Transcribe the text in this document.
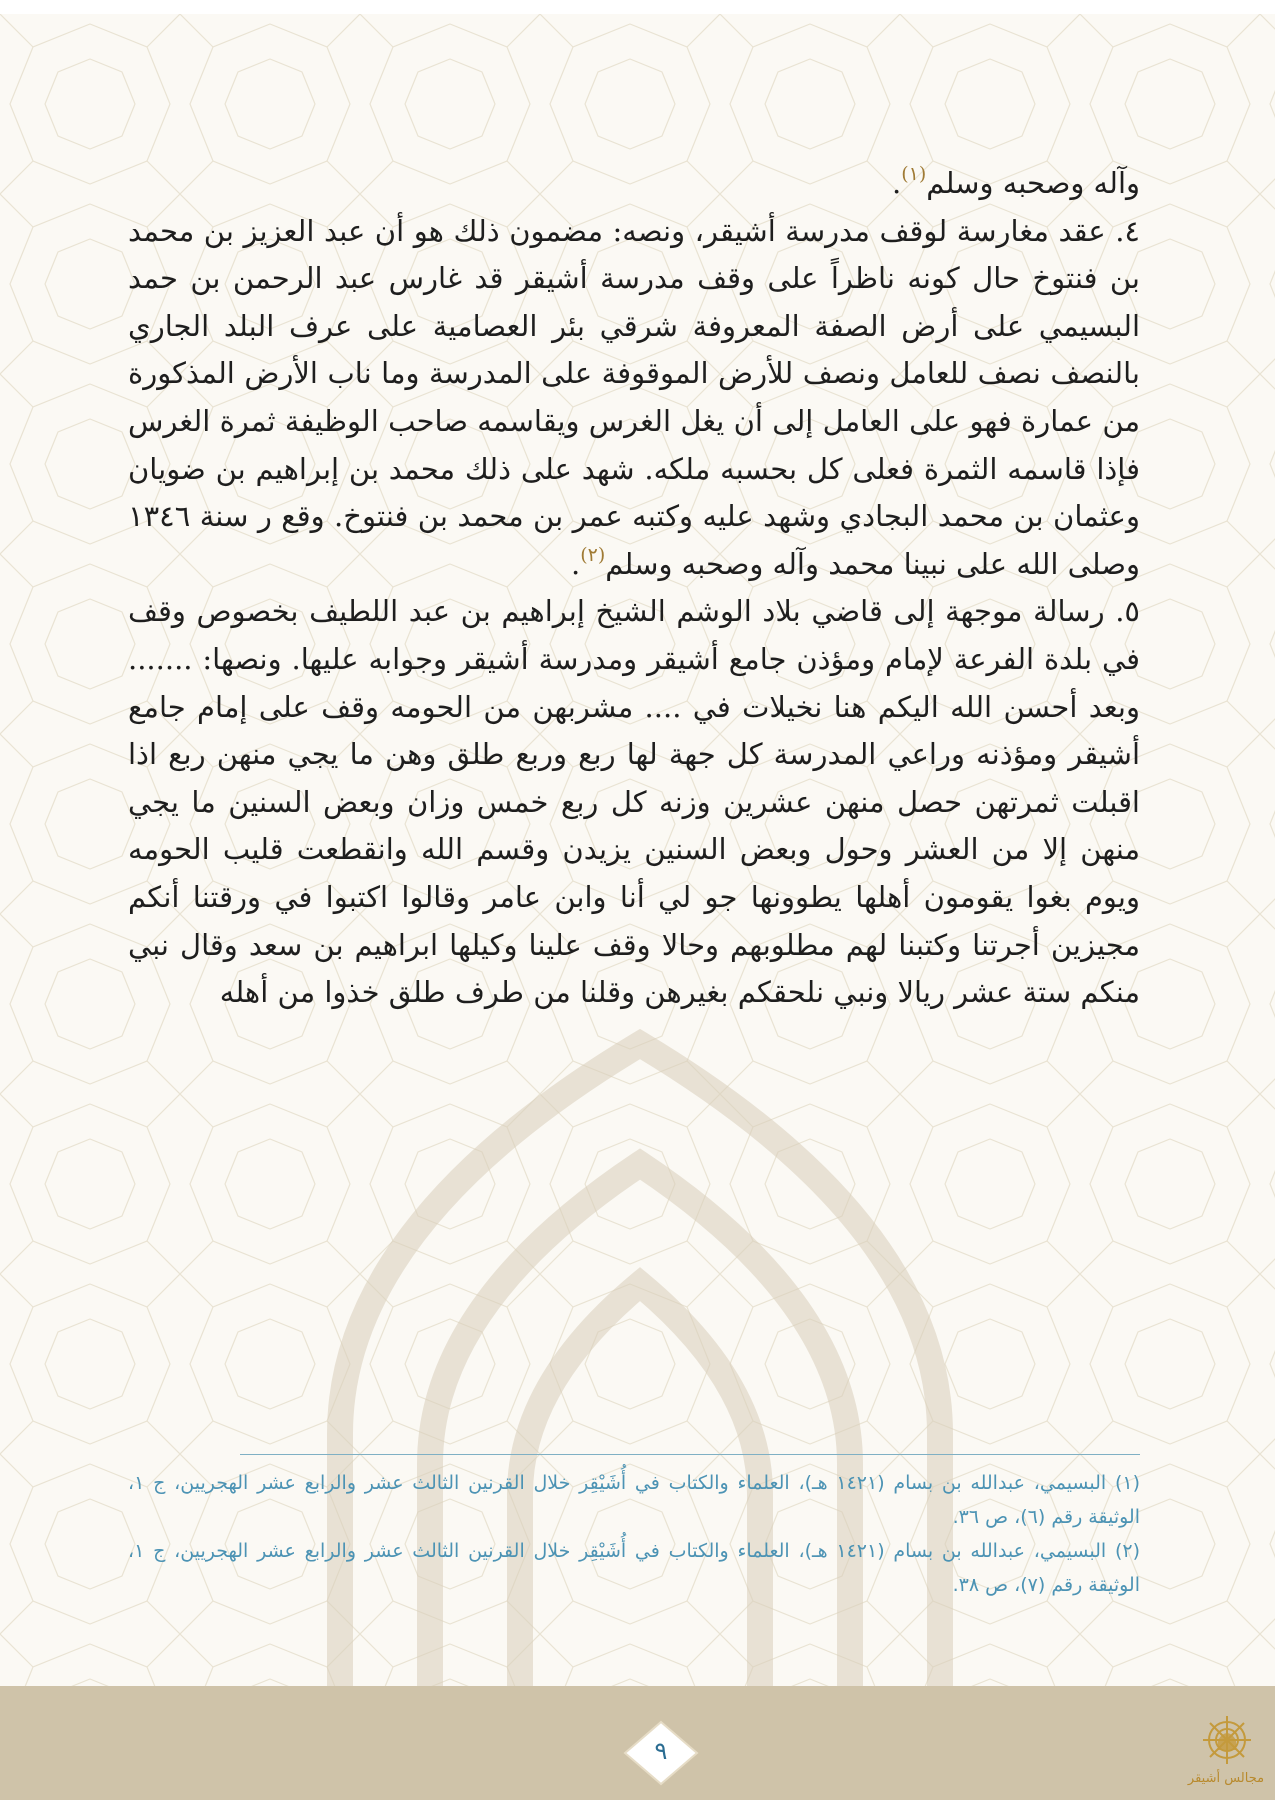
وآله وصحبه وسلم$^{(١)}$.

٤. عقد مغارسة لوقف مدرسة أشيقر، ونصه: مضمون ذلك هو أن عبد العزيز بن محمد بن فنتوخ حال كونه ناظراً على وقف مدرسة أشيقر قد غارس عبد الرحمن بن حمد البسيمي على أرض الصفة المعروفة شرقي بئر العصامية على عرف البلد الجاري بالنصف نصف للعامل ونصف للأرض الموقوفة على المدرسة وما ناب الأرض المذكورة من عمارة فهو على العامل إلى أن يغل الغرس ويقاسمه صاحب الوظيفة ثمرة الغرس فإذا قاسمه الثمرة فعلى كل بحسبه ملكه. شهد على ذلك محمد بن إبراهيم بن ضويان وعثمان بن محمد البجادي وشهد عليه وكتبه عمر بن محمد بن فنتوخ. وقع ر سنة ١٣٤٦ وصلى الله على نبينا محمد وآله وصحبه وسلم$^{(٢)}$.

٥. رسالة موجهة إلى قاضي بلاد الوشم الشيخ إبراهيم بن عبد اللطيف بخصوص وقف في بلدة الفرعة لإمام ومؤذن جامع أشيقر ومدرسة أشيقر وجوابه عليها. ونصها: ....... وبعد أحسن الله اليكم هنا نخيلات في .... مشربهن من الحومه وقف على إمام جامع أشيقر ومؤذنه وراعي المدرسة كل جهة لها ربع وربع طلق وهن ما يجي منهن ربع اذا اقبلت ثمرتهن حصل منهن عشرين وزنه كل ربع خمس وزان وبعض السنين ما يجي منهن إلا من العشر وحول وبعض السنين يزيدن وقسم الله وانقطعت قليب الحومه ويوم بغوا يقومون أهلها يطوونها جو لي أنا وابن عامر وقالوا اكتبوا في ورقتنا أنكم مجيزين أجرتنا وكتبنا لهم مطلوبهم وحالا وقف علينا وكيلها ابراهيم بن سعد وقال نبي منكم ستة عشر ريالا ونبي نلحقكم بغيرهن وقلنا من طرف طلق خذوا من أهله

(١) البسيمي، عبدالله بن بسام (١٤٢١ هـ)، العلماء والكتاب في أُشَيْقِر خلال القرنين الثالث عشر والرابع عشر الهجريين، ج ١، الوثيقة رقم (٦)، ص ٣٦.

(٢) البسيمي، عبدالله بن بسام (١٤٢١ هـ)، العلماء والكتاب في أُشَيْقِر خلال القرنين الثالث عشر والرابع عشر الهجريين، ج ١، الوثيقة رقم (٧)، ص ٣٨.

٩
مجالس أشيقر
